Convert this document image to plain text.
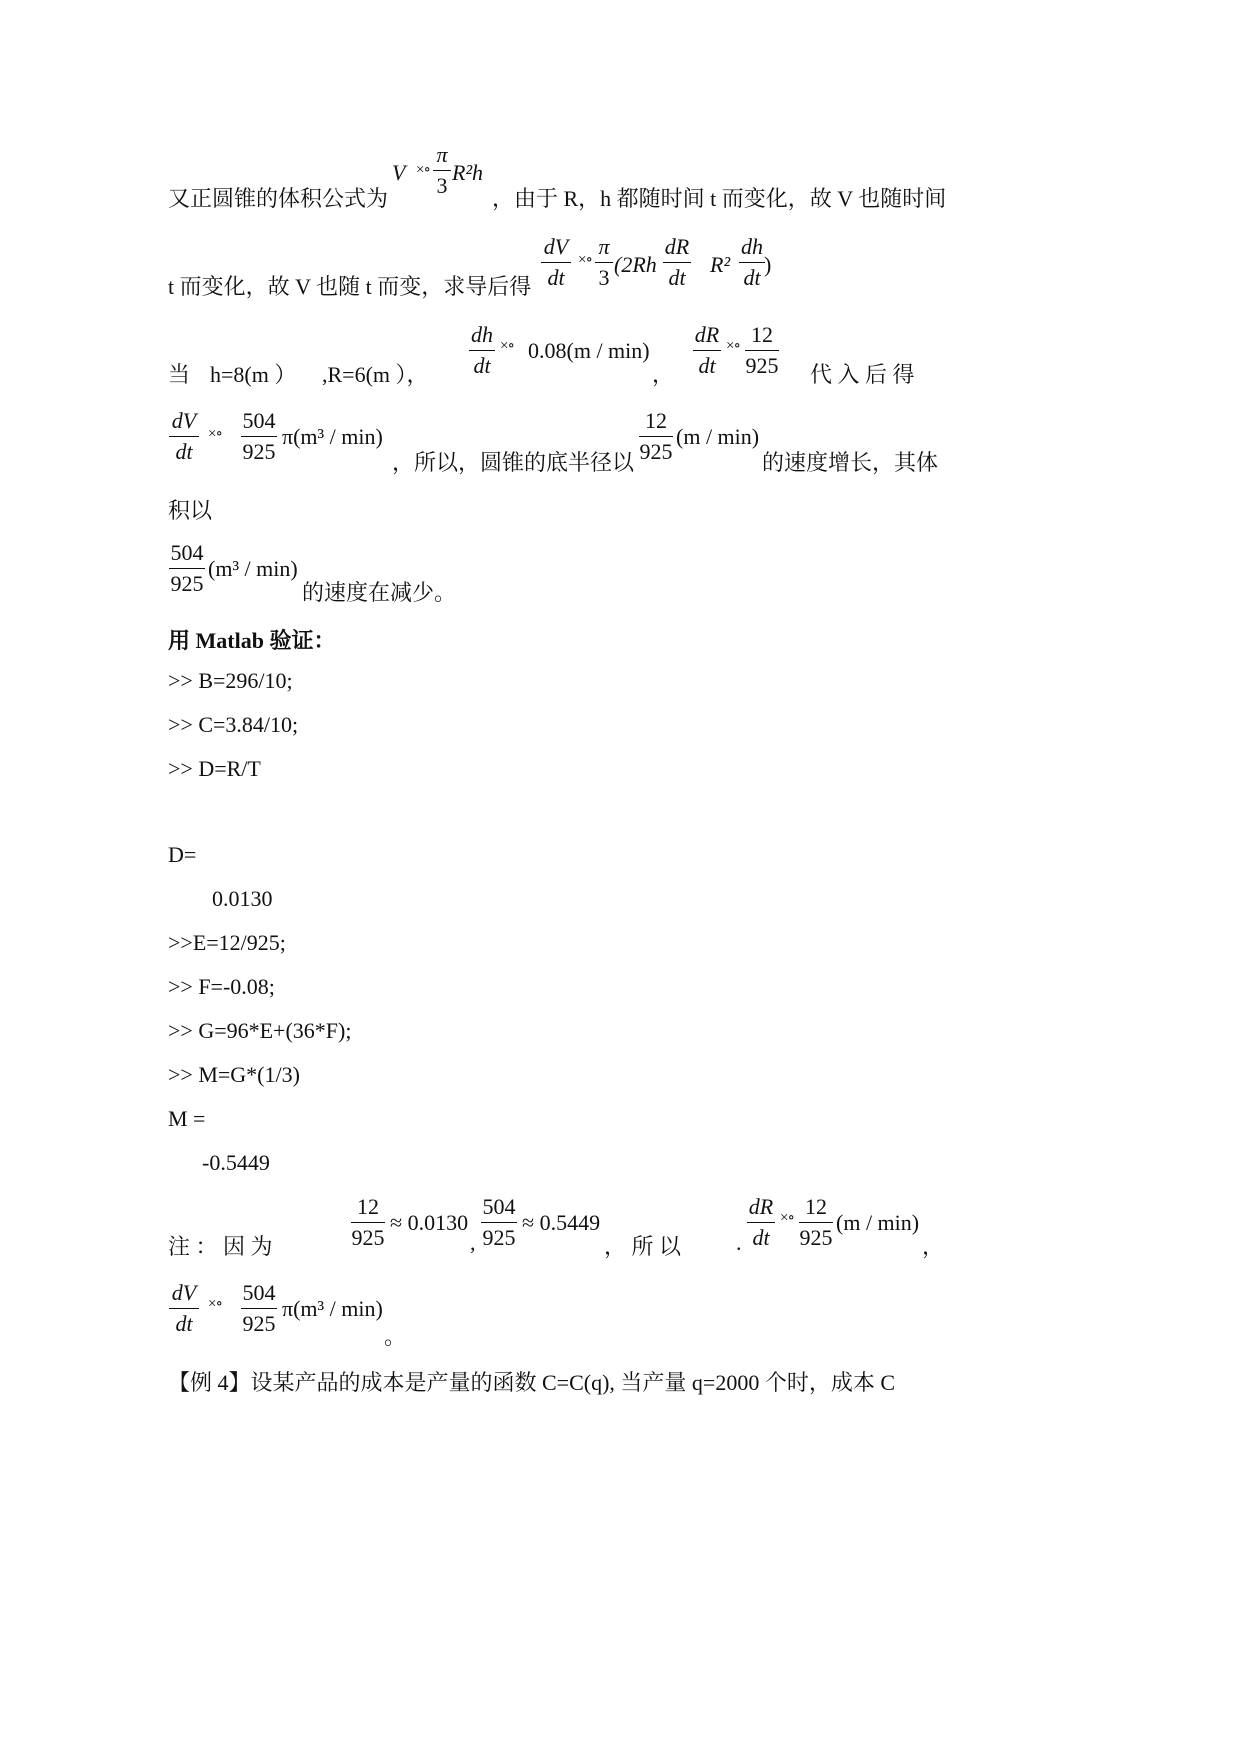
又正圆锥的体积公式为
V ×∘
π
3
R²h
，由于 R，h 都随时间 t 而变化，故 V 也随时间
t 而变化，故 V 也随 t 而变，求导后得
dV
dt
×∘
π
3
(2Rh
dR
dt
R²
dh
dt
)
当 h=8(m ） ,R=6(m ），
dh
dt
×∘ 0.08(m / min)
，
dR
dt
×∘ 12
925 代 入 后 得
dV
dt
×∘
504
925
π(m³ / min)
，所以，圆锥的底半径以
12
925
(m / min)
的速度增长，其体
积以
504
925
(m³ / min)
的速度在减少。
用 Matlab 验证：
>> B=296/10;
>> C=3.84/10;
>> D=R/T
D=
0.0130
>>E=12/925;
>> F=-0.08;
>> G=96*E+(36*F);
>> M=G*(1/3)
M =
-0.5449
注 ： 因 为
12
925
≈ 0.0130
,
504
925
≈ 0.5449
， 所 以 .
dR
dt
×∘ 12
925
(m / min)
，
dV
dt
×∘ 504
925
π(m³ / min)
。
【例 4】设某产品的成本是产量的函数 C=C(q), 当产量 q=2000 个时，成本 C
